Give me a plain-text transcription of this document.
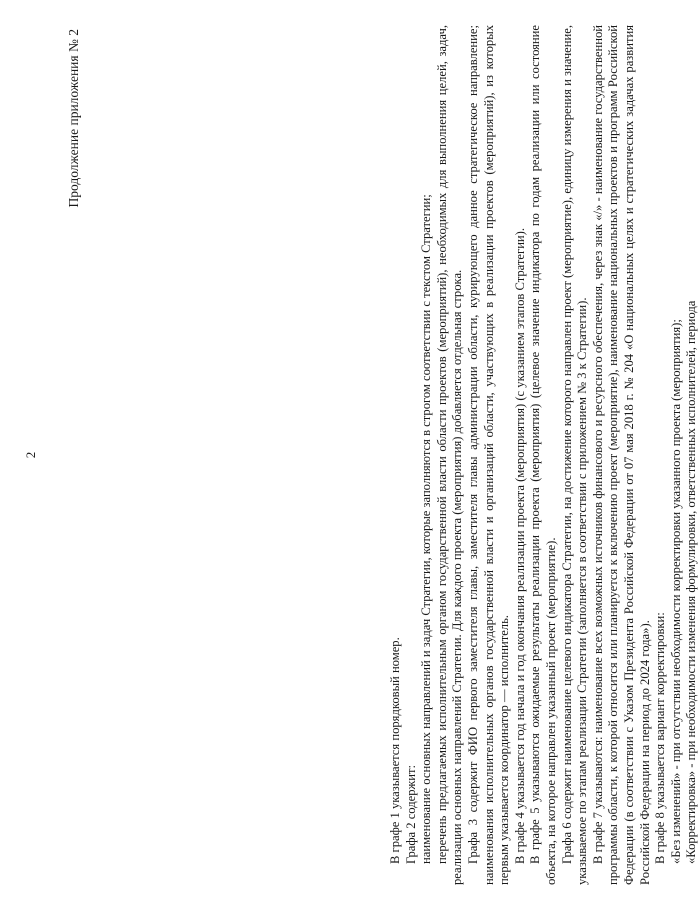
2
Продолжение приложения № 2

В графе 1 указывается порядковый номер. Графа 2 содержит: наименование основных направлений и задач Стратегии, которые заполняются в строгом соответствии с текстом Стратегии; перечень предлагаемых исполнительным органом государственной власти области проектов (мероприятий), необходимых для выполнения целей, задач, реализации основных направлений Стратегии. Для каждого проекта (мероприятия) добавляется отдельная строка. Графа 3 содержит ФИО первого заместителя главы, заместителя главы администрации области, курирующего данное стратегическое направление; наименования исполнительных органов государственной власти и организаций области, участвующих в реализации проектов (мероприятий), из которых первым указывается координатор — исполнитель. В графе 4 указывается год начала и год окончания реализации проекта (мероприятия) (с указанием этапов Стратегии). В графе 5 указываются ожидаемые результаты реализации проекта (мероприятия) (целевое значение индикатора по годам реализации или состояние объекта, на которое направлен указанный проект (мероприятие). Графа 6 содержит наименование целевого индикатора Стратегии, на достижение которого направлен проект (мероприятие), единицу измерения и значение, указываемое по этапам реализации Стратегии (заполняется в соответствии с приложением № 3 к Стратегии). В графе 7 указываются: наименование всех возможных источников финансового и ресурсного обеспечения, через знак «/» - наименование государственной программы области, к которой относится или планируется к включению проект (мероприятие), наименование национальных проектов и программ Российской Федерации (в соответствии с Указом Президента Российской Федерации от 07 мая 2018 г. № 204 «О национальных целях и стратегических задачах развития Российской Федерации на период до 2024 года»). В графе 8 указывается вариант корректировки: «Без изменений» - при отсутствии необходимости корректировки указанного проекта (мероприятия); «Корректировка» - при необходимости изменения формулировки, ответственных исполнителей, периода
